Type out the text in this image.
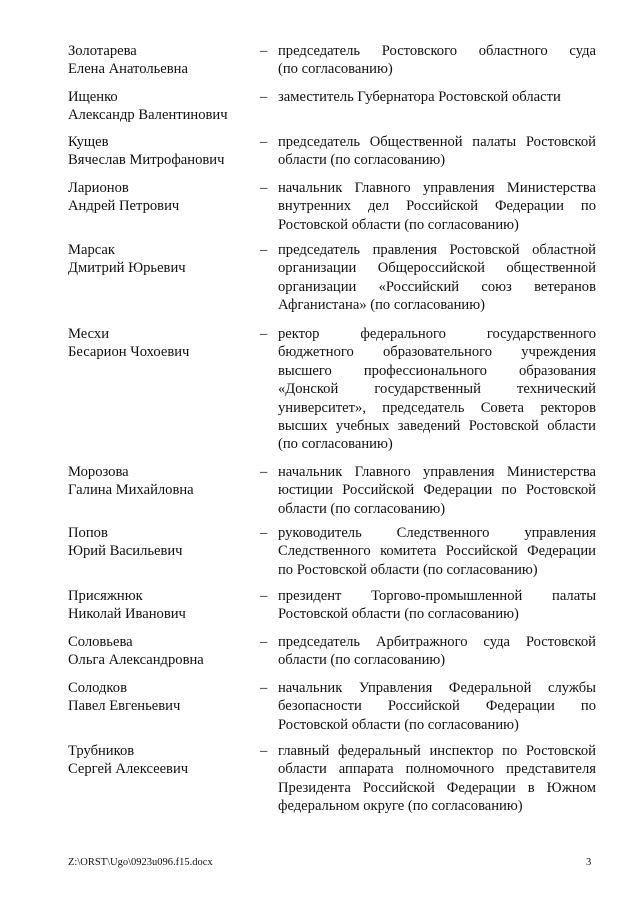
Золотарева
Елена Анатольевна
– председатель Ростовского областного суда
(по согласованию)
Ищенко
Александр Валентинович
– заместитель Губернатора Ростовской области
Кущев
Вячеслав Митрофанович
– председатель Общественной палаты Ростовской
области (по согласованию)
Ларионов
Андрей Петрович
– начальник Главного управления Министерства
внутренних дел Российской Федерации по
Ростовской области (по согласованию)
Марсак
Дмитрий Юрьевич
– председатель правления Ростовской областной
организации Общероссийской общественной
организации «Российский союз ветеранов
Афганистана» (по согласованию)
Месхи
Бесарион Чохоевич
– ректор федерального государственного
бюджетного образовательного учреждения
высшего профессионального образования
«Донской государственный технический
университет», председатель Совета ректоров
высших учебных заведений Ростовской области
(по согласованию)
Морозова
Галина Михайловна
– начальник Главного управления Министерства
юстиции Российской Федерации по Ростовской
области (по согласованию)
Попов
Юрий Васильевич
– руководитель Следственного управления
Следственного комитета Российской Федерации
по Ростовской области (по согласованию)
Присяжнюк
Николай Иванович
– президент Торгово-промышленной палаты
Ростовской области (по согласованию)
Соловьева
Ольга Александровна
– председатель Арбитражного суда Ростовской
области (по согласованию)
Солодков
Павел Евгеньевич
– начальник Управления Федеральной службы
безопасности Российской Федерации по
Ростовской области (по согласованию)
Трубников
Сергей Алексеевич
– главный федеральный инспектор по Ростовской
области аппарата полномочного представителя
Президента Российской Федерации в Южном
федеральном округе (по согласованию)
Z:\ORST\Ugo\0923u096.f15.docx	3
